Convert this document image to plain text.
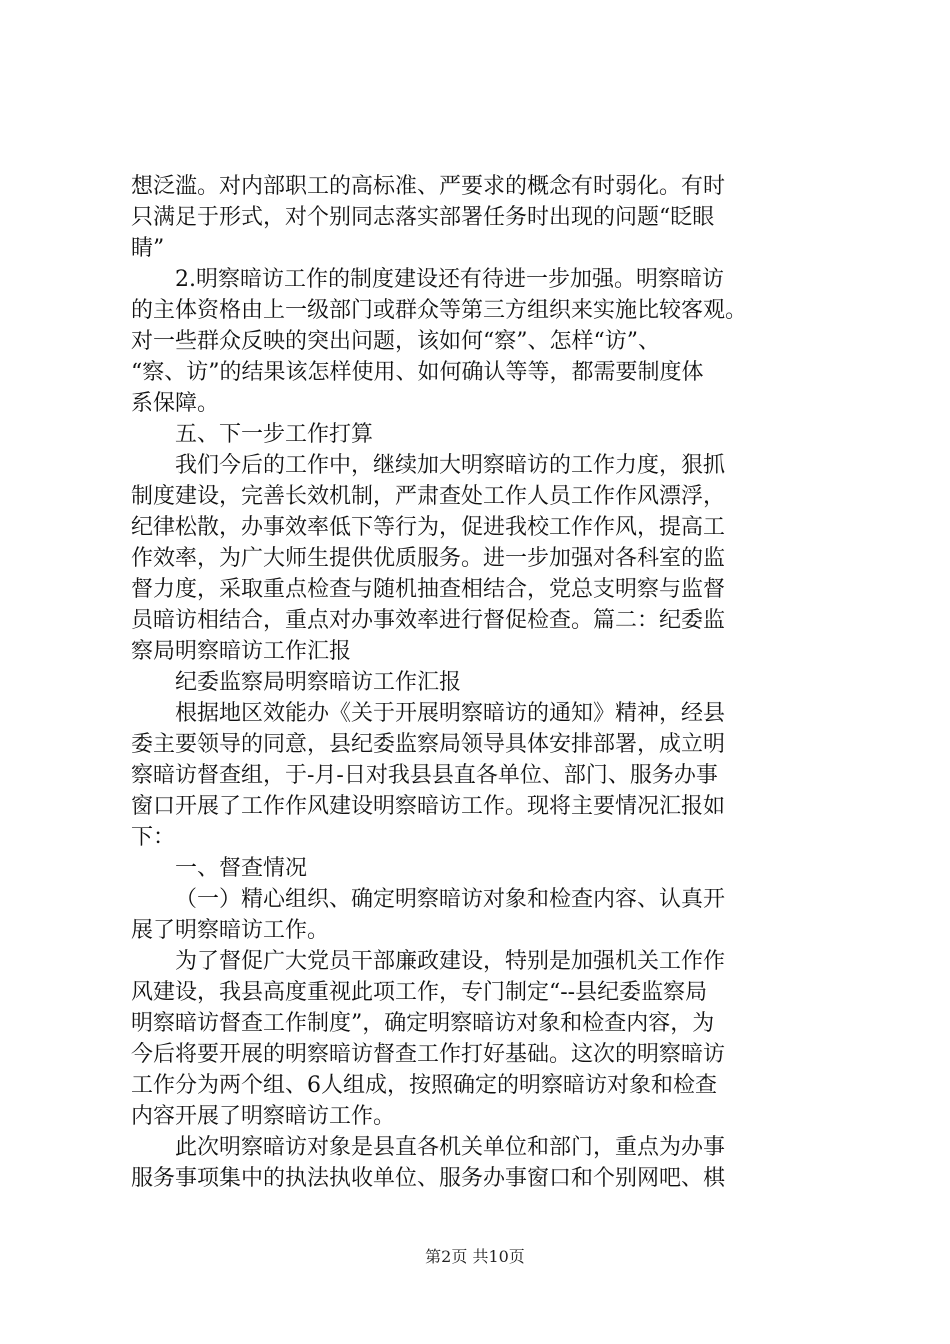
想泛滥。对内部职工的高标准、严要求的概念有时弱化。有时
只满足于形式，对个别同志落实部署任务时出现的问题“眨眼
睛”
2.明察暗访工作的制度建设还有待进一步加强。明察暗访
的主体资格由上一级部门或群众等第三方组织来实施比较客观。
对一些群众反映的突出问题，该如何“察”、怎样“访”、
“察、访”的结果该怎样使用、如何确认等等，都需要制度体
系保障。
五、下一步工作打算
我们今后的工作中，继续加大明察暗访的工作力度，狠抓
制度建设，完善长效机制，严肃查处工作人员工作作风漂浮，
纪律松散，办事效率低下等行为，促进我校工作作风，提高工
作效率，为广大师生提供优质服务。进一步加强对各科室的监
督力度，采取重点检查与随机抽查相结合，党总支明察与监督
员暗访相结合，重点对办事效率进行督促检查。篇二：纪委监
察局明察暗访工作汇报
纪委监察局明察暗访工作汇报
根据地区效能办《关于开展明察暗访的通知》精神，经县
委主要领导的同意，县纪委监察局领导具体安排部署，成立明
察暗访督查组，于-月-日对我县县直各单位、部门、服务办事
窗口开展了工作作风建设明察暗访工作。现将主要情况汇报如
下：
一、督查情况
（一）精心组织、确定明察暗访对象和检查内容、认真开
展了明察暗访工作。
为了督促广大党员干部廉政建设，特别是加强机关工作作
风建设，我县高度重视此项工作，专门制定“--县纪委监察局
明察暗访督查工作制度”，确定明察暗访对象和检查内容，为
今后将要开展的明察暗访督查工作打好基础。这次的明察暗访
工作分为两个组、6人组成，按照确定的明察暗访对象和检查
内容开展了明察暗访工作。
此次明察暗访对象是县直各机关单位和部门，重点为办事
服务事项集中的执法执收单位、服务办事窗口和个别网吧、棋
第2页 共10页
